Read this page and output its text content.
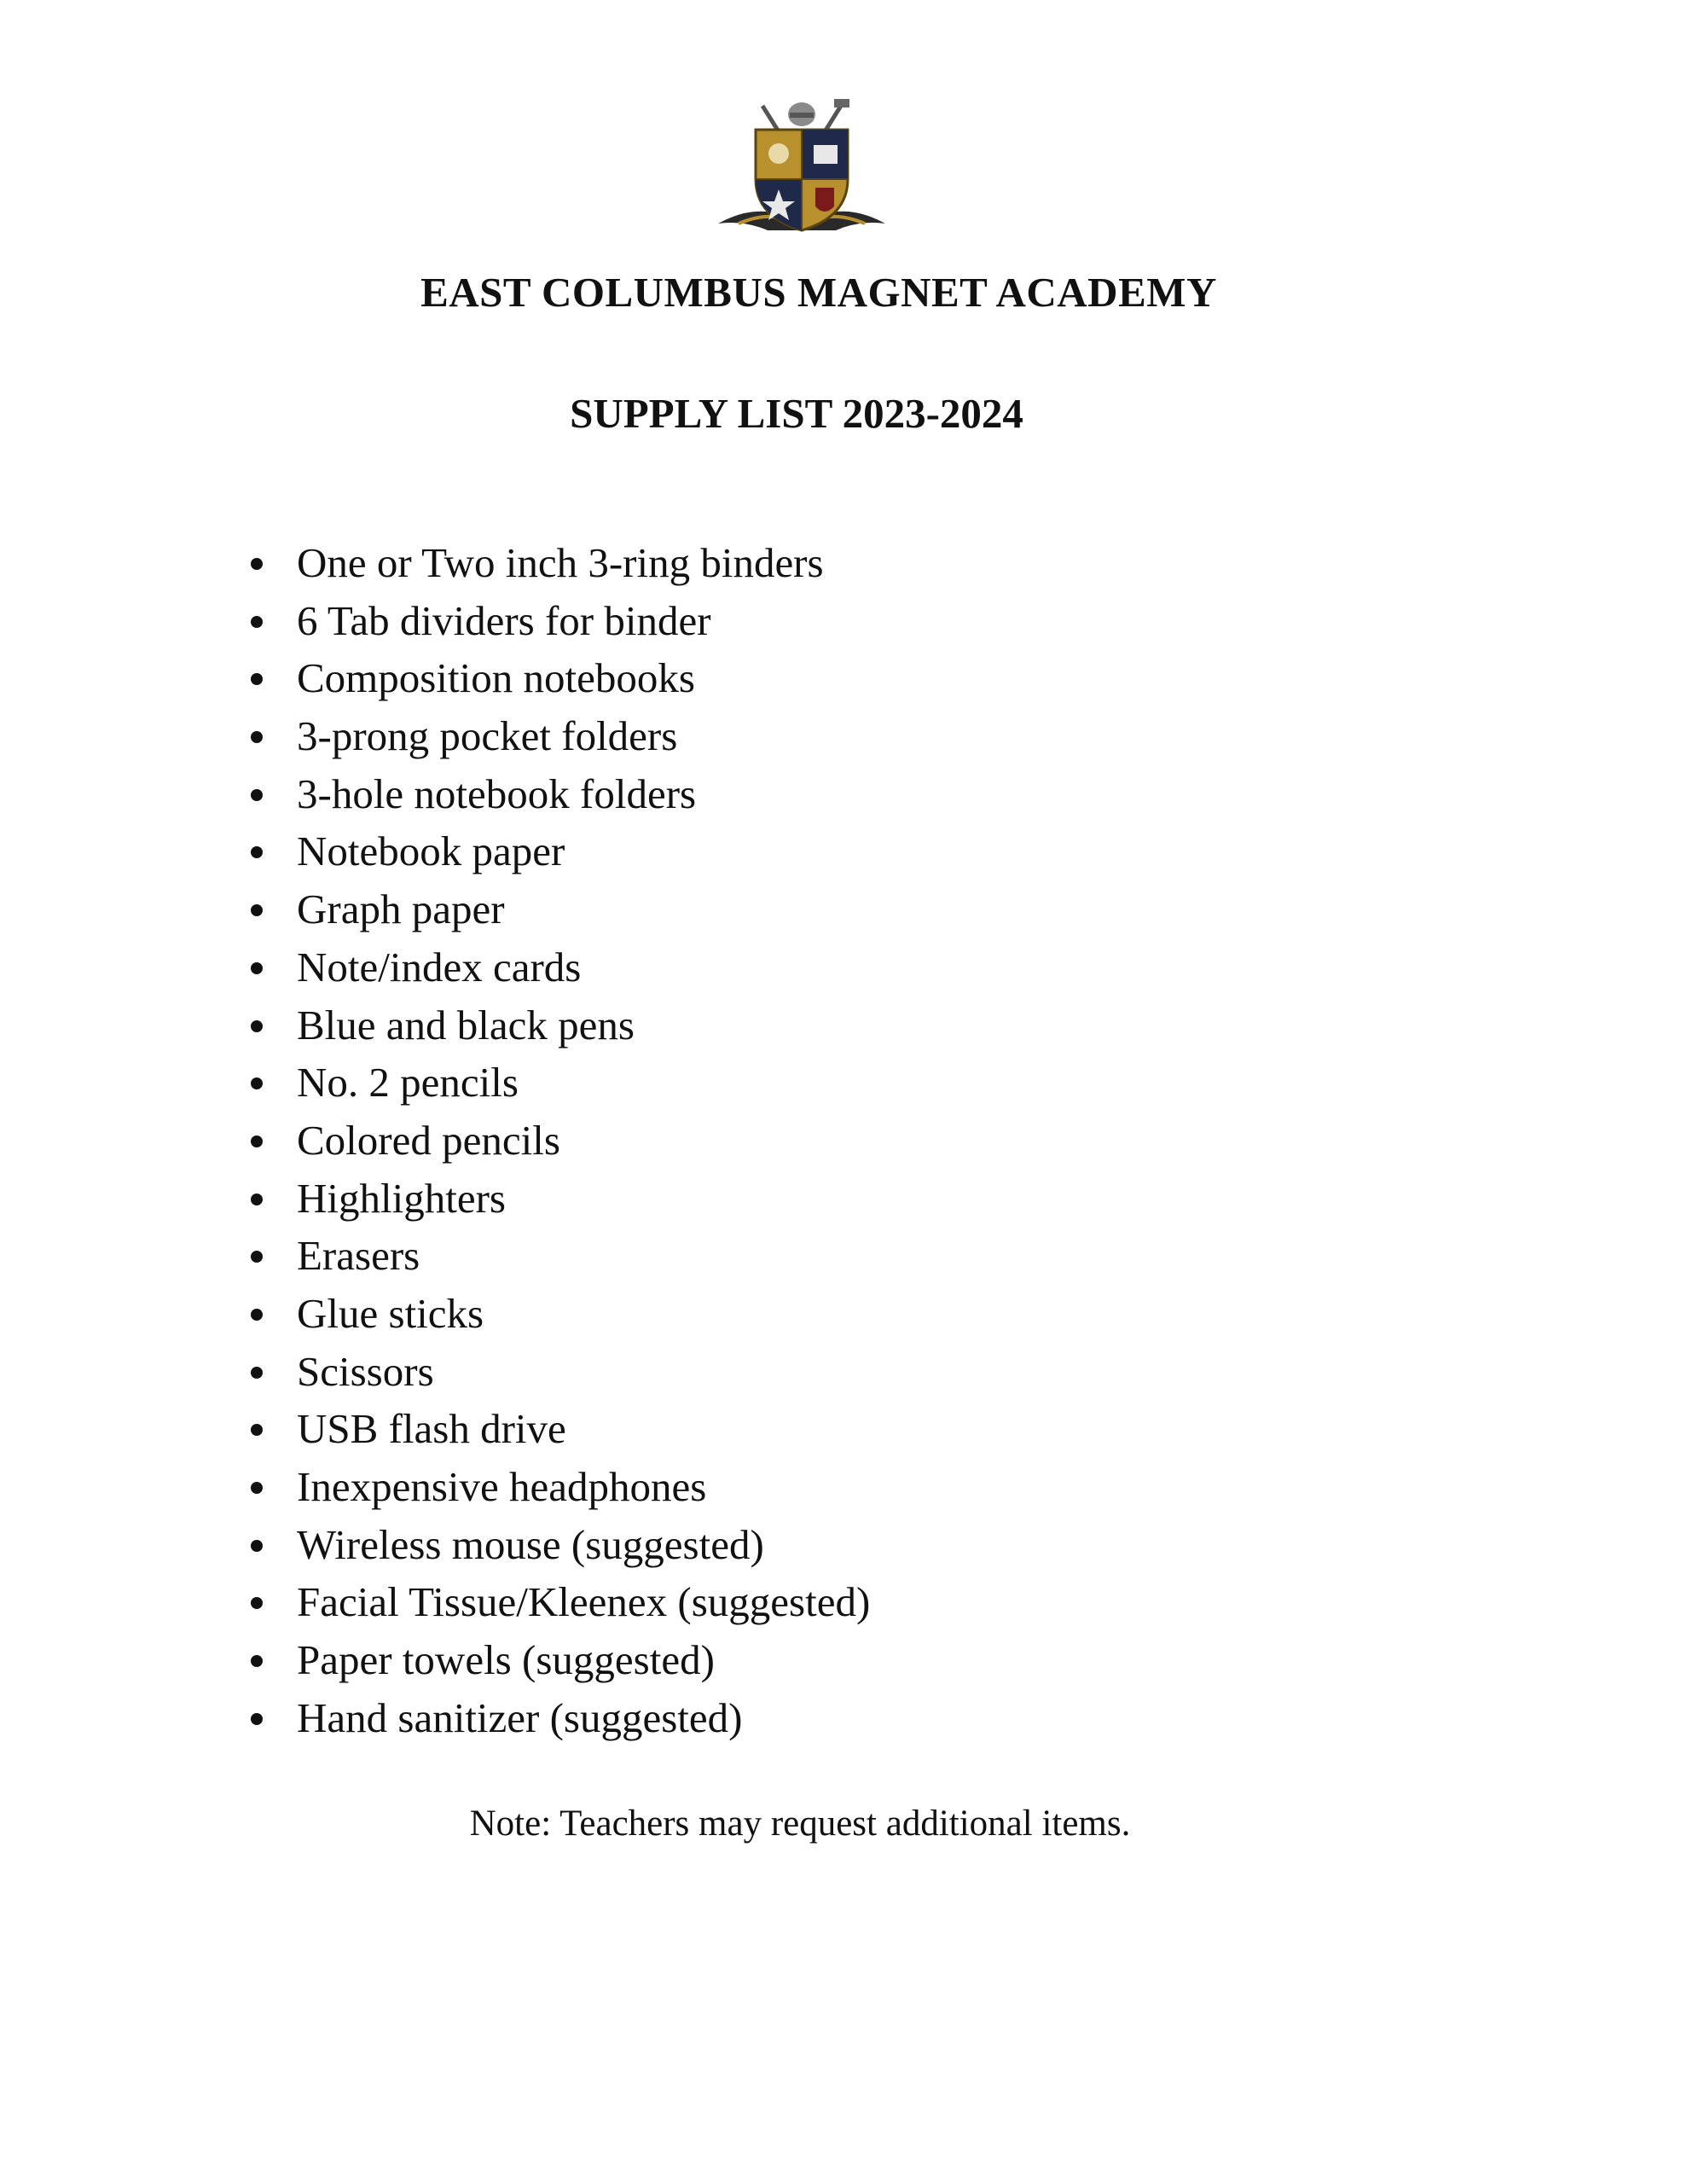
EAST COLUMBUS MAGNET ACADEMY
SUPPLY LIST 2023-2024
One or Two inch 3-ring binders
6 Tab dividers for binder
Composition notebooks
3-prong pocket folders
3-hole notebook folders
Notebook paper
Graph paper
Note/index cards
Blue and black pens
No. 2 pencils
Colored pencils
Highlighters
Erasers
Glue sticks
Scissors
USB flash drive
Inexpensive headphones
Wireless mouse (suggested)
Facial Tissue/Kleenex (suggested)
Paper towels (suggested)
Hand sanitizer (suggested)

Note: Teachers may request additional items.
